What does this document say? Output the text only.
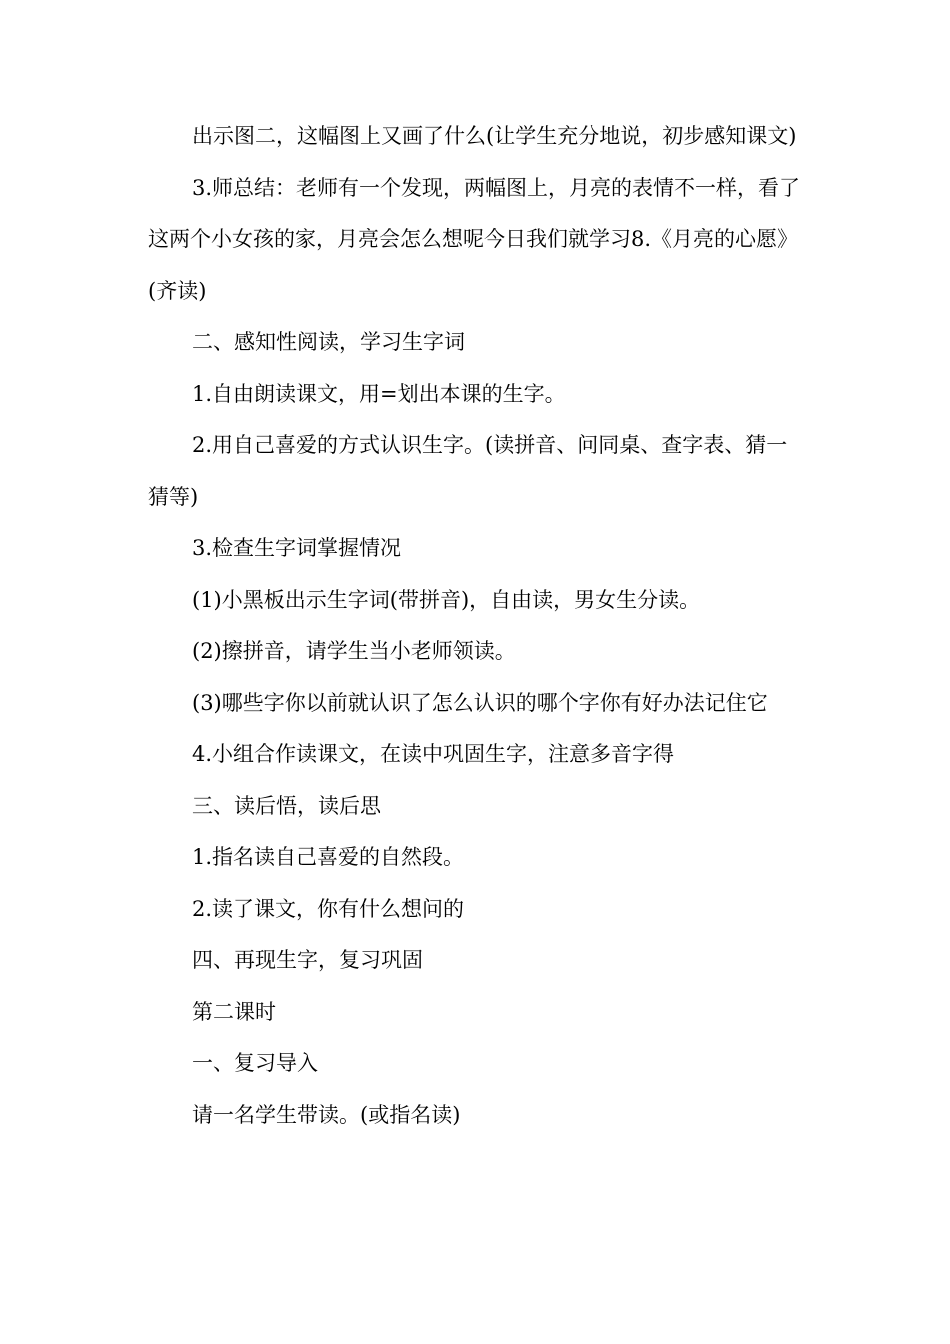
出示图二，这幅图上又画了什么(让学生充分地说，初步感知课文)

3.师总结：老师有一个发现，两幅图上，月亮的表情不一样，看了这两个小女孩的家，月亮会怎么想呢今日我们就学习8.《月亮的心愿》(齐读)

二、感知性阅读，学习生字词

1.自由朗读课文，用=划出本课的生字。

2.用自己喜爱的方式认识生字。(读拼音、问同桌、查字表、猜一猜等)

3.检查生字词掌握情况

(1)小黑板出示生字词(带拼音)，自由读，男女生分读。

(2)擦拼音，请学生当小老师领读。

(3)哪些字你以前就认识了怎么认识的哪个字你有好办法记住它

4.小组合作读课文，在读中巩固生字，注意多音字得

三、读后悟，读后思

1.指名读自己喜爱的自然段。

2.读了课文，你有什么想问的

四、再现生字，复习巩固

第二课时

一、复习导入

请一名学生带读。(或指名读)
